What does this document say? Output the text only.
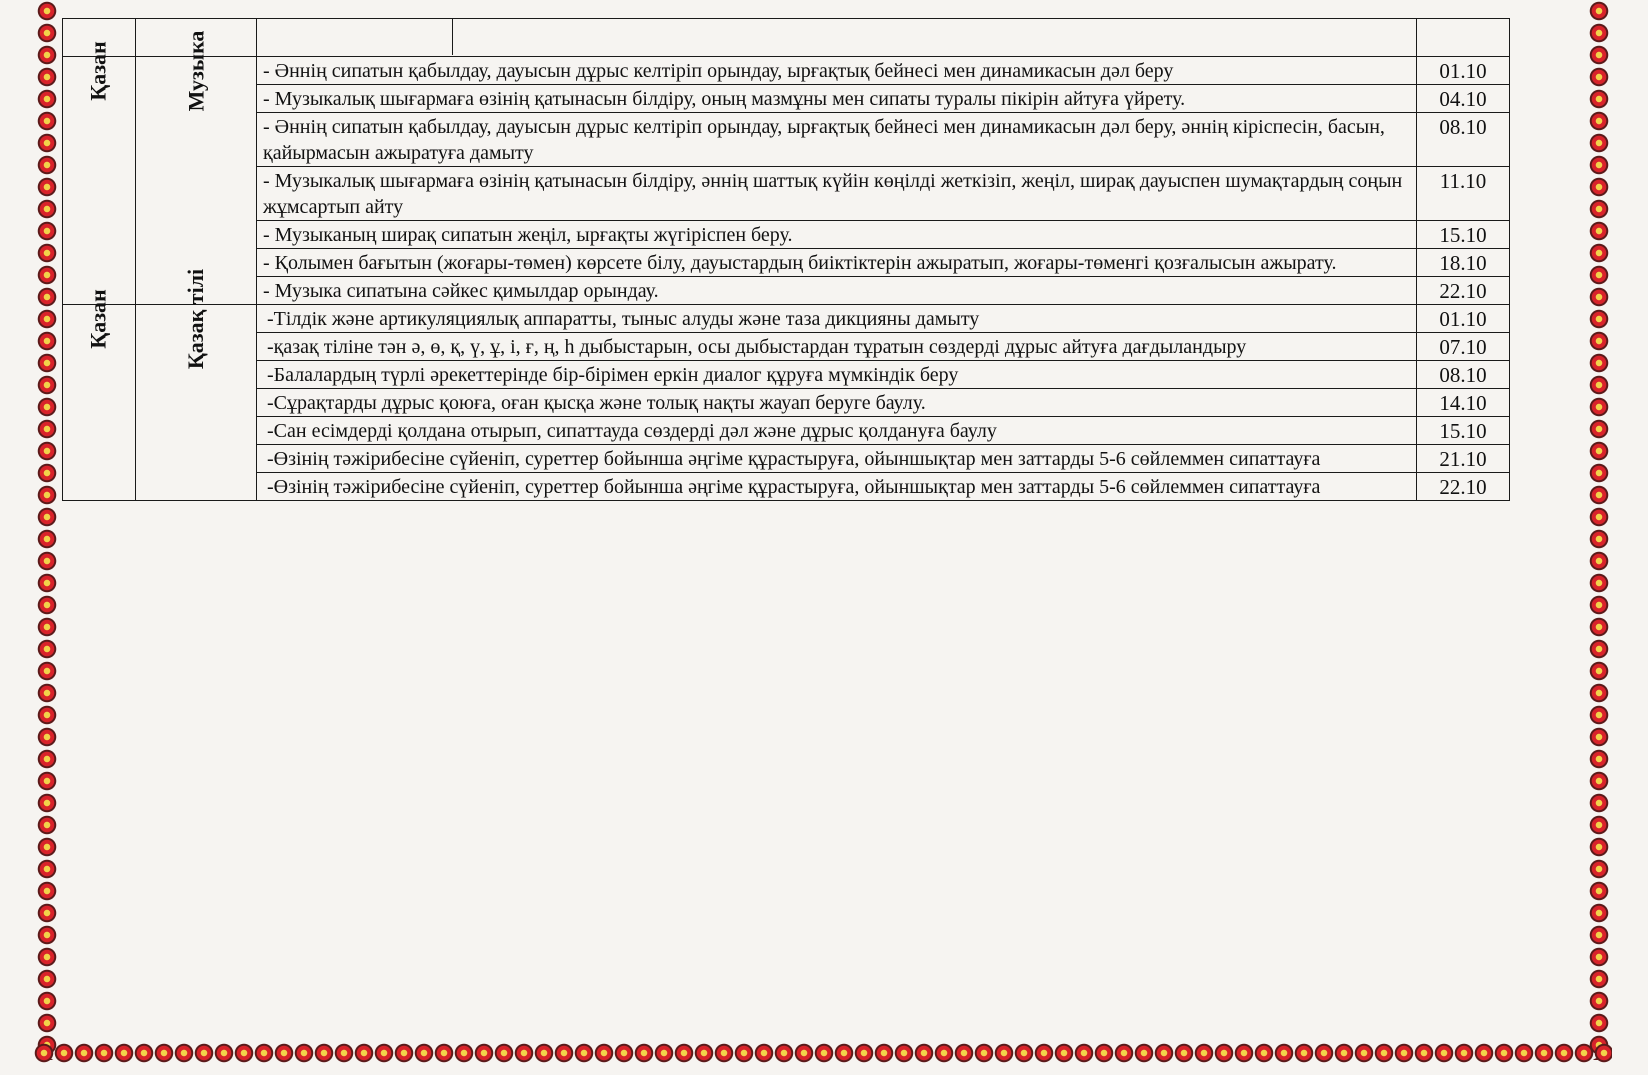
Қазан	Музыка	- Әннің сипатын қабылдау, дауысын дұрыс келтіріп орындау, ырғақтық бейнесі мен динамикасын дәл беру	01.10
		- Музыкалық шығармаға өзінің қатынасын білдіру, оның мазмұны мен сипаты туралы пікірін айтуға үйрету.	04.10
		- Әннің сипатын қабылдау, дауысын дұрыс келтіріп орындау, ырғақтық бейнесі мен динамикасын дәл беру, әннің кіріспесін, басын, қайырмасын ажыратуға дамыту	08.10
		- Музыкалық шығармаға өзінің қатынасын білдіру, әннің шаттық күйін көңілді жеткізіп, жеңіл, ширақ дауыспен шумақтардың соңын жұмсартып айту	11.10
		- Музыканың ширақ сипатын жеңіл, ырғақты жүгіріспен беру.	15.10
		- Қолымен бағытын (жоғары-төмен) көрсете білу, дауыстардың биіктіктерін ажыратып, жоғары-төменгі қозғалысын ажырату.	18.10
		- Музыка сипатына сәйкес қимылдар орындау.	22.10
Қазан	Қазақ тілі	-Тілдік және артикуляциялық аппаратты, тыныс алуды және таза дикцияны дамыту	01.10
		-қазақ тіліне тән ә, ө, қ, ү, ұ, і, ғ, ң, һ дыбыстарын, осы дыбыстардан тұратын сөздерді дұрыс айтуға дағдыландыру	07.10
		-Балалардың түрлі әрекеттерінде бір-бірімен еркін диалог құруға мүмкіндік беру	08.10
		-Сұрақтарды дұрыс қоюға, оған қысқа және толық нақты жауап беруге баулу.	14.10
		-Сан есімдерді қолдана отырып, сипаттауда сөздерді дәл және дұрыс қолдануға баулу	15.10
		-Өзінің тәжірибесіне сүйеніп, суреттер бойынша әңгіме құрастыруға, ойыншықтар мен заттарды 5-6 сөйлеммен сипаттауға	21.10
		-Өзінің тәжірибесіне сүйеніп, суреттер бойынша әңгіме құрастыруға, ойыншықтар мен заттарды 5-6 сөйлеммен сипаттауға	22.10
